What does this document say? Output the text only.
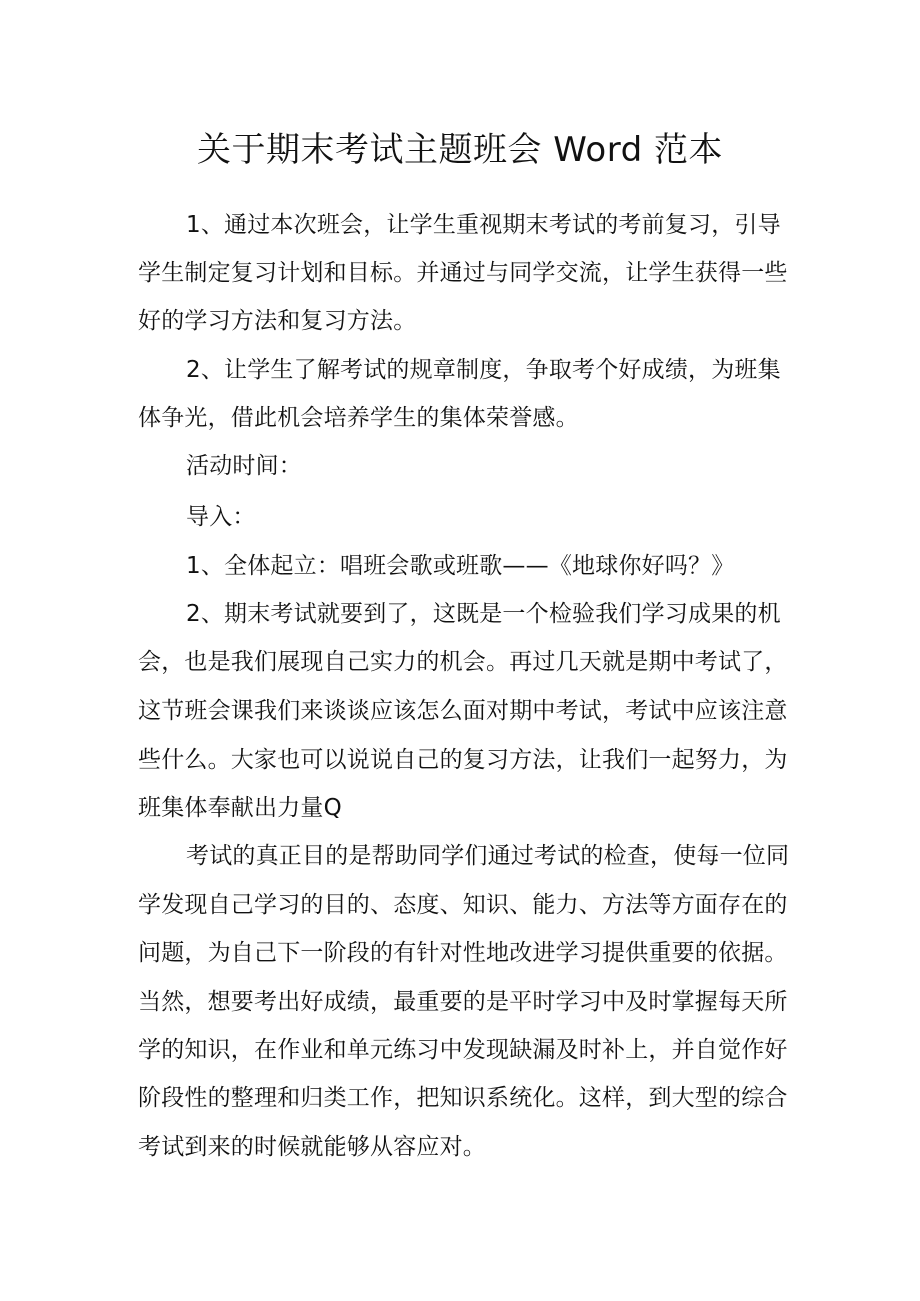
关于期末考试主题班会 Word 范本
1、通过本次班会，让学生重视期末考试的考前复习，引导
学生制定复习计划和目标。并通过与同学交流，让学生获得一些
好的学习方法和复习方法。
2、让学生了解考试的规章制度，争取考个好成绩，为班集
体争光，借此机会培养学生的集体荣誉感。
活动时间：
导入：
1、全体起立：唱班会歌或班歌——《地球你好吗？》
2、期末考试就要到了，这既是一个检验我们学习成果的机
会，也是我们展现自己实力的机会。再过几天就是期中考试了，
这节班会课我们来谈谈应该怎么面对期中考试，考试中应该注意
些什么。大家也可以说说自己的复习方法，让我们一起努力，为
班集体奉献出力量Q
考试的真正目的是帮助同学们通过考试的检查，使每一位同
学发现自己学习的目的、态度、知识、能力、方法等方面存在的
问题，为自己下一阶段的有针对性地改进学习提供重要的依据。
当然，想要考出好成绩，最重要的是平时学习中及时掌握每天所
学的知识，在作业和单元练习中发现缺漏及时补上，并自觉作好
阶段性的整理和归类工作，把知识系统化。这样，到大型的综合
考试到来的时候就能够从容应对。
